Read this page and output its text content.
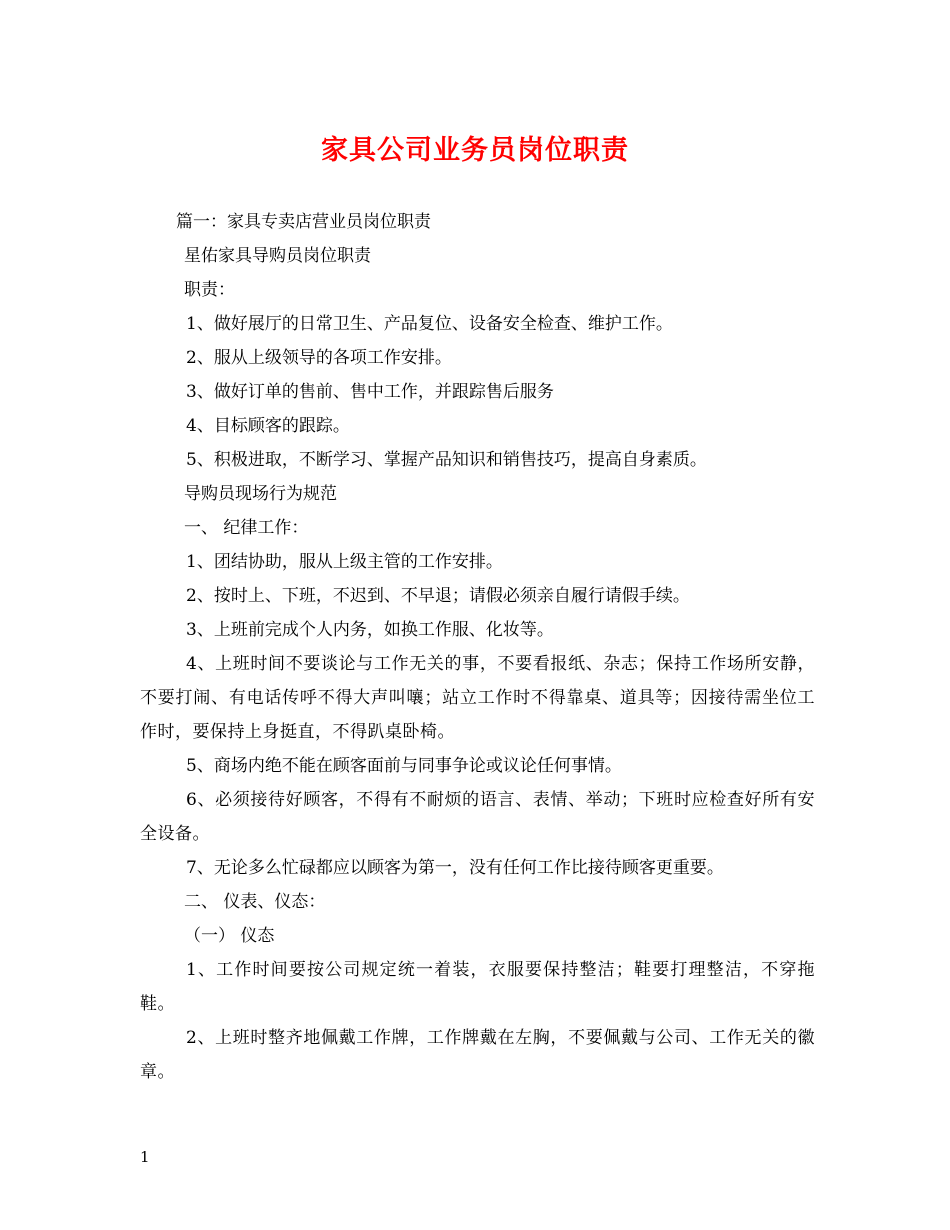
家具公司业务员岗位职责
篇一：家具专卖店营业员岗位职责
星佑家具导购员岗位职责
职责：
1、做好展厅的日常卫生、产品复位、设备安全检查、维护工作。
2、服从上级领导的各项工作安排。
3、做好订单的售前、售中工作，并跟踪售后服务
4、目标顾客的跟踪。
5、积极进取，不断学习、掌握产品知识和销售技巧，提高自身素质。
导购员现场行为规范
一、 纪律工作：
1、团结协助，服从上级主管的工作安排。
2、按时上、下班，不迟到、不早退；请假必须亲自履行请假手续。
3、上班前完成个人内务，如换工作服、化妆等。
4、上班时间不要谈论与工作无关的事，不要看报纸、杂志；保持工作场所安静，不要打闹、有电话传呼不得大声叫嚷；站立工作时不得靠桌、道具等；因接待需坐位工作时，要保持上身挺直，不得趴桌卧椅。
5、商场内绝不能在顾客面前与同事争论或议论任何事情。
6、必须接待好顾客，不得有不耐烦的语言、表情、举动；下班时应检查好所有安全设备。
7、无论多么忙碌都应以顾客为第一，没有任何工作比接待顾客更重要。
二、 仪表、仪态：
（一） 仪态
1、工作时间要按公司规定统一着装，衣服要保持整洁；鞋要打理整洁，不穿拖鞋。
2、上班时整齐地佩戴工作牌，工作牌戴在左胸，不要佩戴与公司、工作无关的徽章。
1
